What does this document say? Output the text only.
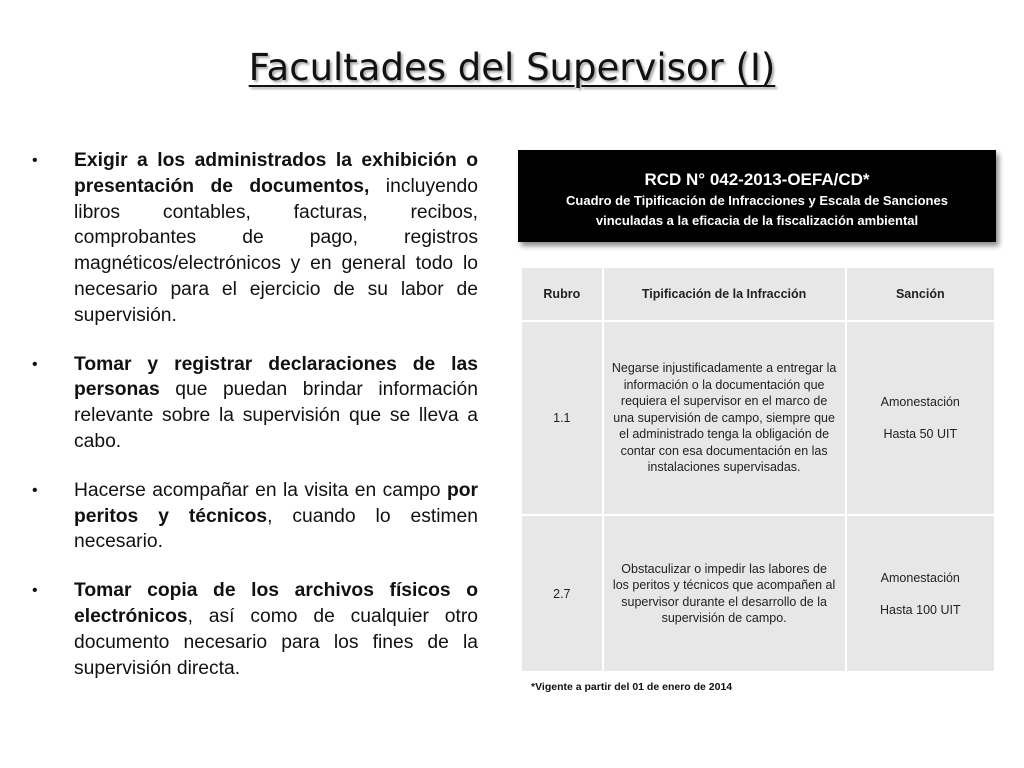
Facultades del Supervisor (I)
• Exigir a los administrados la exhibición o presentación de documentos, incluyendo libros contables, facturas, recibos, comprobantes de pago, registros magnéticos/electrónicos y en general todo lo necesario para el ejercicio de su labor de supervisión.
• Tomar y registrar declaraciones de las personas que puedan brindar información relevante sobre la supervisión que se lleva a cabo.
• Hacerse acompañar en la visita en campo por peritos y técnicos, cuando lo estimen necesario.
• Tomar copia de los archivos físicos o electrónicos, así como de cualquier otro documento necesario para los fines de la supervisión directa.
RCD N° 042-2013-OEFA/CD*
Cuadro de Tipificación de Infracciones y Escala de Sanciones
vinculadas a la eficacia de la fiscalización ambiental
Rubro	Tipificación de la Infracción	Sanción
1.1	Negarse injustificadamente a entregar la información o la documentación que requiera el supervisor en el marco de una supervisión de campo, siempre que el administrado tenga la obligación de contar con esa documentación en las instalaciones supervisadas.	Amonestación

Hasta 50 UIT

2.7	Obstaculizar o impedir las labores de los peritos y técnicos que acompañen al supervisor durante el desarrollo de la supervisión de campo.	Amonestación

Hasta 100 UIT

*Vigente a partir del 01 de enero de 2014
